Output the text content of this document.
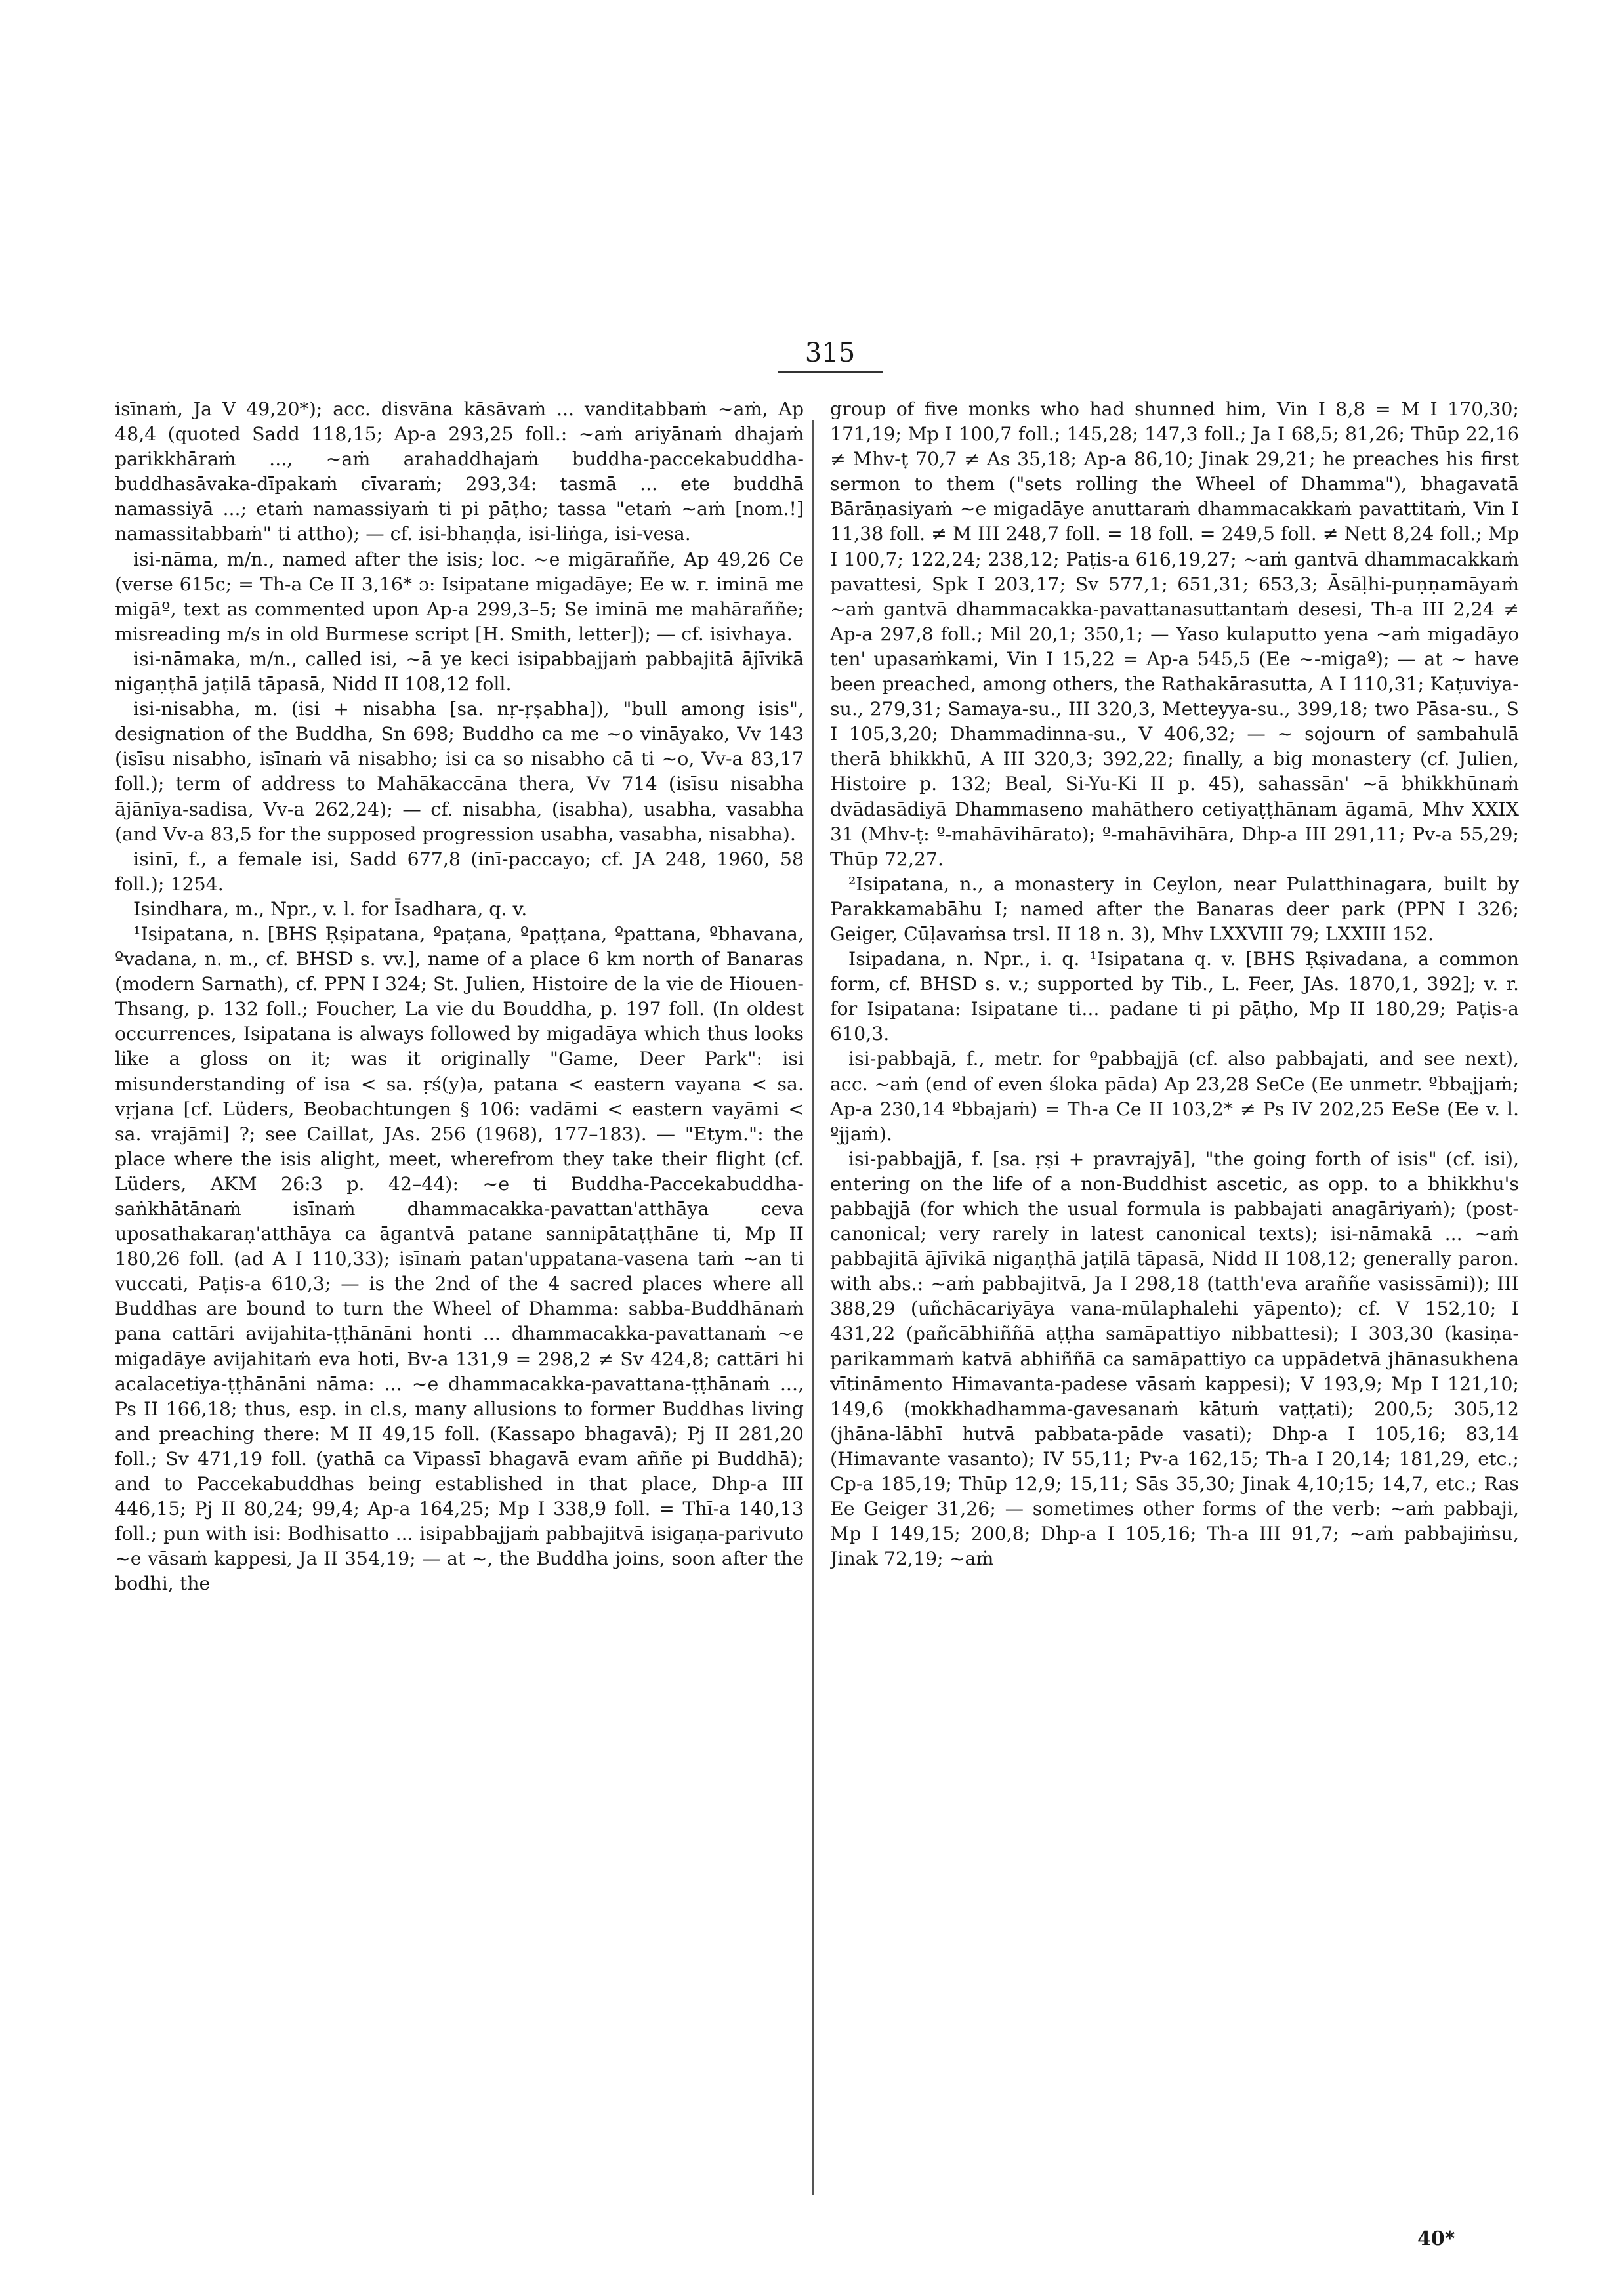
315

isīnaṁ, Ja V 49,20*); acc. disvāna kāsāvaṁ ... vanditabbaṁ ~aṁ, Ap 48,4 (quoted Sadd 118,15; Ap-a 293,25 foll.: ~aṁ ariyānaṁ dhajaṁ parikkhāraṁ ..., ~aṁ arahaddhajaṁ buddha-paccekabuddha-buddhasāvaka-dīpakaṁ cīvaraṁ; 293,34: tasmā ... ete buddhā namassiyā ...; etaṁ namassiyaṁ ti pi pāṭho; tassa "etaṁ ~aṁ [nom.!] namassitabbaṁ" ti attho); — cf. isi-bhaṇḍa, isi-liṅga, isi-vesa.

isi-nāma, m/n., named after the isis; loc. ~e migāraññe, Ap 49,26 Ce (verse 615c; = Th-a Ce II 3,16* ɔ: Isipatane migadāye; Ee w. r. iminā me migāº, text as commented upon Ap-a 299,3–5; Se iminā me mahāraññe; misreading m/s in old Burmese script [H. Smith, letter]); — cf. isivhaya.

isi-nāmaka, m/n., called isi, ~ā ye keci isipabbajjaṁ pabbajitā ājīvikā nigaṇṭhā jaṭilā tāpasā, Nidd II 108,12 foll.

isi-nisabha, m. (isi + nisabha [sa. nṛ-ṛṣabha]), "bull among isis", designation of the Buddha, Sn 698; Buddho ca me ~o vināyako, Vv 143 (isīsu nisabho, isīnaṁ vā nisabho; isi ca so nisabho cā ti ~o, Vv-a 83,17 foll.); term of address to Mahākaccāna thera, Vv 714 (isīsu nisabha ājānīya-sadisa, Vv-a 262,24); — cf. nisabha, (isabha), usabha, vasabha (and Vv-a 83,5 for the supposed progression usabha, vasabha, nisabha).

isinī, f., a female isi, Sadd 677,8 (inī-paccayo; cf. JA 248, 1960, 58 foll.); 1254.

Isindhara, m., Npr., v. l. for Īsadhara, q. v.

¹Isipatana, n. [BHS Ṛṣipatana, ºpaṭana, ºpaṭṭana, ºpattana, ºbhavana, ºvadana, n. m., cf. BHSD s. vv.], name of a place 6 km north of Banaras (modern Sarnath), cf. PPN I 324; St. Julien, Histoire de la vie de Hiouen-Thsang, p. 132 foll.; Foucher, La vie du Bouddha, p. 197 foll. (In oldest occurrences, Isipatana is always followed by migadāya which thus looks like a gloss on it; was it originally "Game, Deer Park": isi misunderstanding of isa < sa. ṛś(y)a, patana < eastern vayana < sa. vṛjana [cf. Lüders, Beobachtungen § 106: vadāmi < eastern vayāmi < sa. vrajāmi] ?; see Caillat, JAs. 256 (1968), 177–183). — "Etym.": the place where the isis alight, meet, wherefrom they take their flight (cf. Lüders, AKM 26:3 p. 42–44): ~e ti Buddha-Paccekabuddha-saṅkhātānaṁ isīnaṁ dhammacakka-pavattan'atthāya ceva uposathakaraṇ'atthāya ca āgantvā patane sannipātaṭṭhāne ti, Mp II 180,26 foll. (ad A I 110,33); isīnaṁ patan'uppatana-vasena taṁ ~an ti vuccati, Paṭis-a 610,3; — is the 2nd of the 4 sacred places where all Buddhas are bound to turn the Wheel of Dhamma: sabba-Buddhānaṁ pana cattāri avijahita-ṭṭhānāni honti ... dhammacakka-pavattanaṁ ~e migadāye avijahitaṁ eva hoti, Bv-a 131,9 = 298,2 ≠ Sv 424,8; cattāri hi acalacetiya-ṭṭhānāni nāma: ... ~e dhammacakka-pavattana-ṭṭhānaṁ ..., Ps II 166,18; thus, esp. in cl.s, many allusions to former Buddhas living and preaching there: M II 49,15 foll. (Kassapo bhagavā); Pj II 281,20 foll.; Sv 471,19 foll. (yathā ca Vipassī bhagavā evam aññe pi Buddhā); and to Paccekabuddhas being established in that place, Dhp-a III 446,15; Pj II 80,24; 99,4; Ap-a 164,25; Mp I 338,9 foll. = Thī-a 140,13 foll.; pun with isi: Bodhisatto ... isipabbajjaṁ pabbajitvā isigaṇa-parivuto ~e vāsaṁ kappesi, Ja II 354,19; — at ~, the Buddha joins, soon after the bodhi, the

group of five monks who had shunned him, Vin I 8,8 = M I 170,30; 171,19; Mp I 100,7 foll.; 145,28; 147,3 foll.; Ja I 68,5; 81,26; Thūp 22,16 ≠ Mhv-ṭ 70,7 ≠ As 35,18; Ap-a 86,10; Jinak 29,21; he preaches his first sermon to them ("sets rolling the Wheel of Dhamma"), bhagavatā Bārāṇasiyaṁ ~e migadāye anuttaraṁ dhammacakkaṁ pavattitaṁ, Vin I 11,38 foll. ≠ M III 248,7 foll. = 18 foll. = 249,5 foll. ≠ Nett 8,24 foll.; Mp I 100,7; 122,24; 238,12; Paṭis-a 616,19,27; ~aṁ gantvā dhammacakkaṁ pavattesi, Spk I 203,17; Sv 577,1; 651,31; 653,3; Āsāḷhi-puṇṇamāyaṁ ~aṁ gantvā dhammacakka-pavattanasuttantaṁ desesi, Th-a III 2,24 ≠ Ap-a 297,8 foll.; Mil 20,1; 350,1; — Yaso kulaputto yena ~aṁ migadāyo ten' upasaṁkami, Vin I 15,22 = Ap-a 545,5 (Ee ~-migaº); — at ~ have been preached, among others, the Rathakārasutta, A I 110,31; Kaṭuviya-su., 279,31; Samaya-su., III 320,3, Metteyya-su., 399,18; two Pāsa-su., S I 105,3,20; Dhammadinna-su., V 406,32; — ~ sojourn of sambahulā therā bhikkhū, A III 320,3; 392,22; finally, a big monastery (cf. Julien, Histoire p. 132; Beal, Si-Yu-Ki II p. 45), sahassān' ~ā bhikkhūnaṁ dvādasādiyā Dhammaseno mahāthero cetiyaṭṭhānam āgamā, Mhv XXIX 31 (Mhv-ṭ: º-mahāvihārato); º-mahāvihāra, Dhp-a III 291,11; Pv-a 55,29; Thūp 72,27.

²Isipatana, n., a monastery in Ceylon, near Pulatthinagara, built by Parakkamabāhu I; named after the Banaras deer park (PPN I 326; Geiger, Cūḷavaṁsa trsl. II 18 n. 3), Mhv LXXVIII 79; LXXIII 152.

Isipadana, n. Npr., i. q. ¹Isipatana q. v. [BHS Ṛṣivadana, a common form, cf. BHSD s. v.; supported by Tib., L. Feer, JAs. 1870,1, 392]; v. r. for Isipatana: Isipatane ti... padane ti pi pāṭho, Mp II 180,29; Paṭis-a 610,3.

isi-pabbajā, f., metr. for ºpabbajjā (cf. also pabbajati, and see next), acc. ~aṁ (end of even śloka pāda) Ap 23,28 SeCe (Ee unmetr. ºbbajjaṁ; Ap-a 230,14 ºbbajaṁ) = Th-a Ce II 103,2* ≠ Ps IV 202,25 EeSe (Ee v. l. ºjjaṁ).

isi-pabbajjā, f. [sa. ṛṣi + pravrajyā], "the going forth of isis" (cf. isi), entering on the life of a non-Buddhist ascetic, as opp. to a bhikkhu's pabbajjā (for which the usual formula is pabbajati anagāriyaṁ); (post-canonical; very rarely in latest canonical texts); isi-nāmakā ... ~aṁ pabbajitā ājīvikā nigaṇṭhā jaṭilā tāpasā, Nidd II 108,12; generally paron. with abs.: ~aṁ pabbajitvā, Ja I 298,18 (tatth'eva araññe vasissāmi)); III 388,29 (uñchācariyāya vana-mūlaphalehi yāpento); cf. V 152,10; I 431,22 (pañcābhiññā aṭṭha samāpattiyo nibbattesi); I 303,30 (kasiṇa-parikammaṁ katvā abhiññā ca samāpattiyo ca uppādetvā jhānasukhena vītināmento Himavanta-padese vāsaṁ kappesi); V 193,9; Mp I 121,10; 149,6 (mokkhadhamma-gavesanaṁ kātuṁ vaṭṭati); 200,5; 305,12 (jhāna-lābhī hutvā pabbata-pāde vasati); Dhp-a I 105,16; 83,14 (Himavante vasanto); IV 55,11; Pv-a 162,15; Th-a I 20,14; 181,29, etc.; Cp-a 185,19; Thūp 12,9; 15,11; Sās 35,30; Jinak 4,10;15; 14,7, etc.; Ras Ee Geiger 31,26; — sometimes other forms of the verb: ~aṁ pabbaji, Mp I 149,15; 200,8; Dhp-a I 105,16; Th-a III 91,7; ~aṁ pabbajiṁsu, Jinak 72,19; ~aṁ

40*
